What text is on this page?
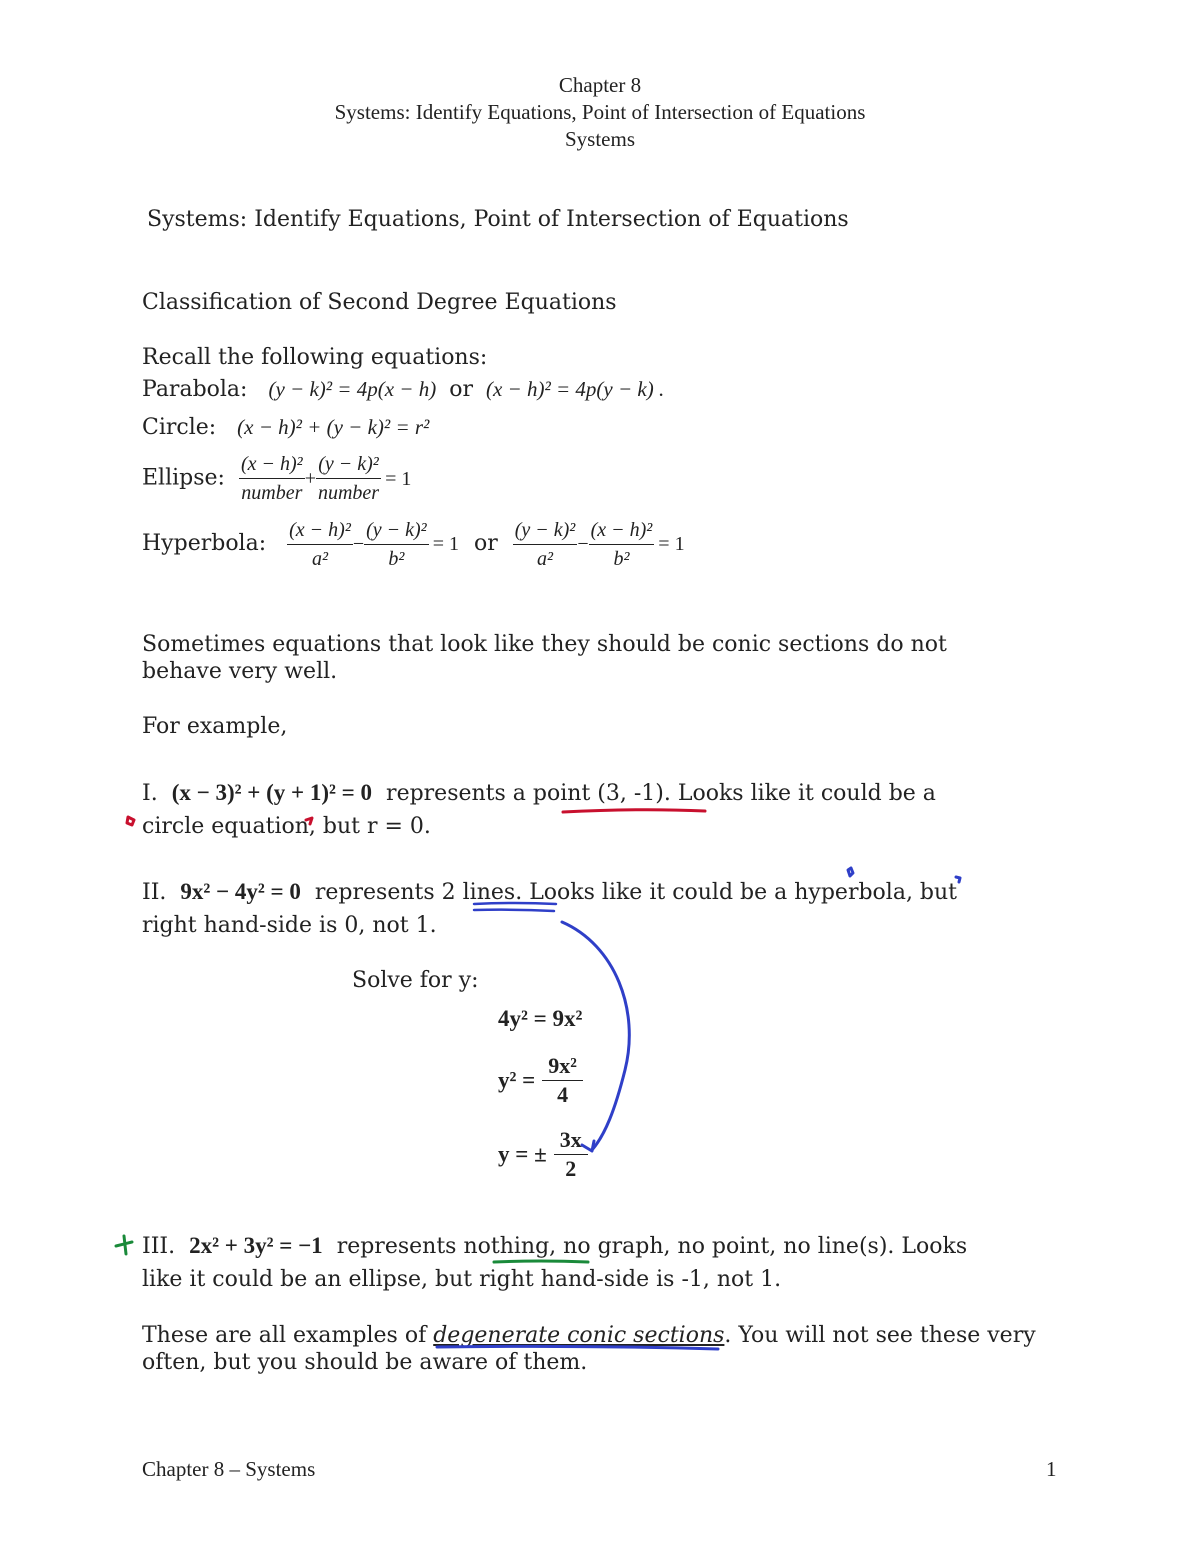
Chapter 8
Systems: Identify Equations, Point of Intersection of Equations
Systems
Systems: Identify Equations, Point of Intersection of Equations
Classification of Second Degree Equations
Recall the following equations:
Parabola: (y − k)² = 4p(x − h) or (x − h)² = 4p(y − k) .
Circle: (x − h)² + (y − k)² = r²
Ellipse: $\frac{\text{(x − h)²}}{\text{number}} + \frac{\text{(y − k)²}}{\text{number}} = 1$
Hyperbola: $\frac{\text{(x − h)²}}{\text{a²}} - \frac{\text{(y − k)²}}{\text{b²}} = 1$ or $\frac{\text{(y − k)²}}{\text{a²}} - \frac{\text{(x − h)²}}{\text{b²}} = 1$
Sometimes equations that look like they should be conic sections do not
behave very well.
For example,
I. (x − 3)² + (y + 1)² = 0 represents a point (3, -1). Looks like it could be a
circle equation, but r = 0.
II. 9x² − 4y² = 0 represents 2 lines. Looks like it could be a hyperbola, but
right hand-side is 0, not 1.
Solve for y:
4y² = 9x²
$y^2 = \frac{\text{9x²}}{4}$
y = ± $\frac{3x}{2}$
III. 2x² + 3y² = −1 represents nothing, no graph, no point, no line(s). Looks
like it could be an ellipse, but right hand-side is -1, not 1.
These are all examples of degenerate conic sections. You will not see these very
often, but you should be aware of them.
Chapter 8 – Systems	1
